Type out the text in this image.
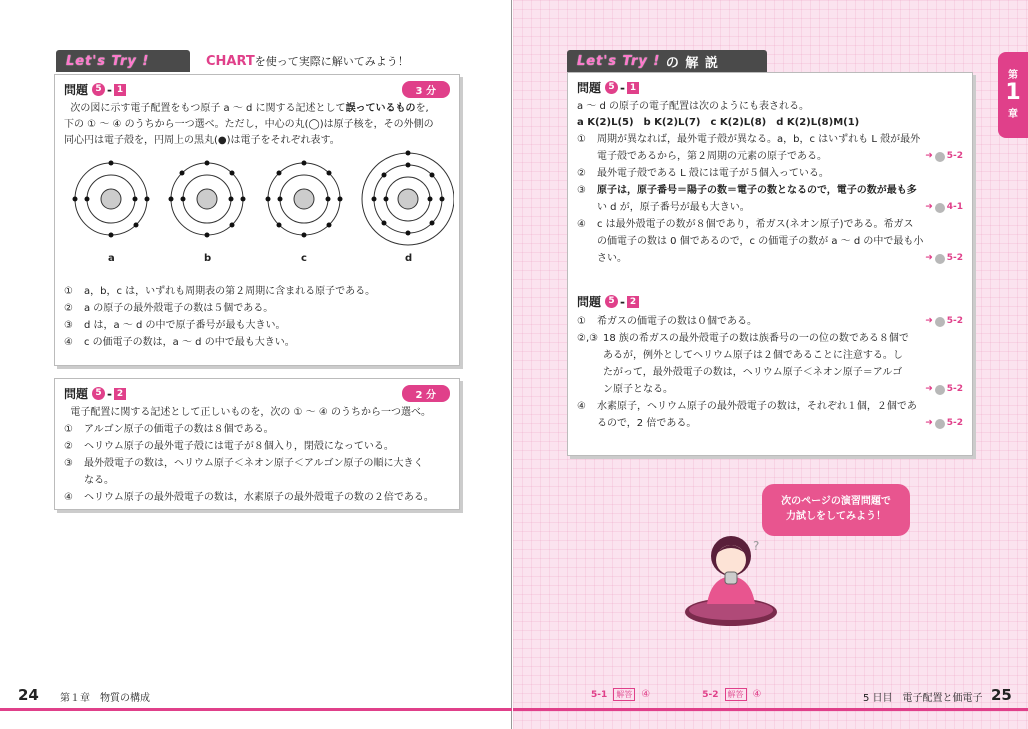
Let's Try !	CHARTを使って実際に解いてみよう！
問題 5 - 1	3 分
次の図に示す電子配置をもつ原子 a ～ d に関する記述として誤っているものを,
下の ① ～ ④ のうちから一つ選べ。ただし，中心の丸(◯)は原子核を，その外側の
同心円は電子殻を，円周上の黒丸(●)は電子をそれぞれ表す。
a	b	c	d
①	a，b，c は，いずれも周期表の第２周期に含まれる原子である。
②	a の原子の最外殻電子の数は５個である。
③	d は，a ～ d の中で原子番号が最も大きい。
④	c の価電子の数は，a ～ d の中で最も大きい。
問題 5 - 2	2 分
電子配置に関する記述として正しいものを，次の ① ～ ④ のうちから一つ選べ。
①	アルゴン原子の価電子の数は８個である。
②	ヘリウム原子の最外電子殻には電子が８個入り，閉殻になっている。
③	最外殻電子の数は，ヘリウム原子＜ネオン原子＜アルゴン原子の順に大きく
なる。
④	ヘリウム原子の最外殻電子の数は，水素原子の最外殻電子の数の２倍である。
24 第１章　物質の構成
Let's Try !
の 解 説
第
1
章
問題 5 - 1
a ～ d の原子の電子配置は次のようにも表される。
a K(2)L(5)　b K(2)L(7)　c K(2)L(8)　d K(2)L(8)M(1)
①	周期が異なれば，最外電子殻が異なる。a，b，c はいずれも L 殻が最外
電子殻であるから，第２周期の元素の原子である。	➜ 5-2
②	最外電子殻である L 殻には電子が５個入っている。
③	原子は，原子番号＝陽子の数＝電子の数となるので，電子の数が最も多
い d が，原子番号が最も大きい。	➜ 4-1
④	c は最外殻電子の数が８個であり，希ガス(ネオン原子)である。希ガス
の価電子の数は 0 個であるので，c の価電子の数が a ～ d の中で最も小
さい。	➜ 5-2
問題 5 - 2
①	希ガスの価電子の数は０個である。	➜ 5-2
②,③ 18 族の希ガスの最外殻電子の数は族番号の一の位の数である８個で
あるが，例外としてヘリウム原子は２個であることに注意する。し
たがって，最外殻電子の数は，ヘリウム原子＜ネオン原子＝アルゴ
ン原子となる。	➜ 5-2
④	水素原子，ヘリウム原子の最外殻電子の数は，それぞれ１個，２個であ
るので，2 倍である。	➜ 5-2
?
次のページの演習問題で
力試しをしてみよう！
5-1	解答 ④	5-2	解答 ④	5 日目　電子配置と価電子 25
